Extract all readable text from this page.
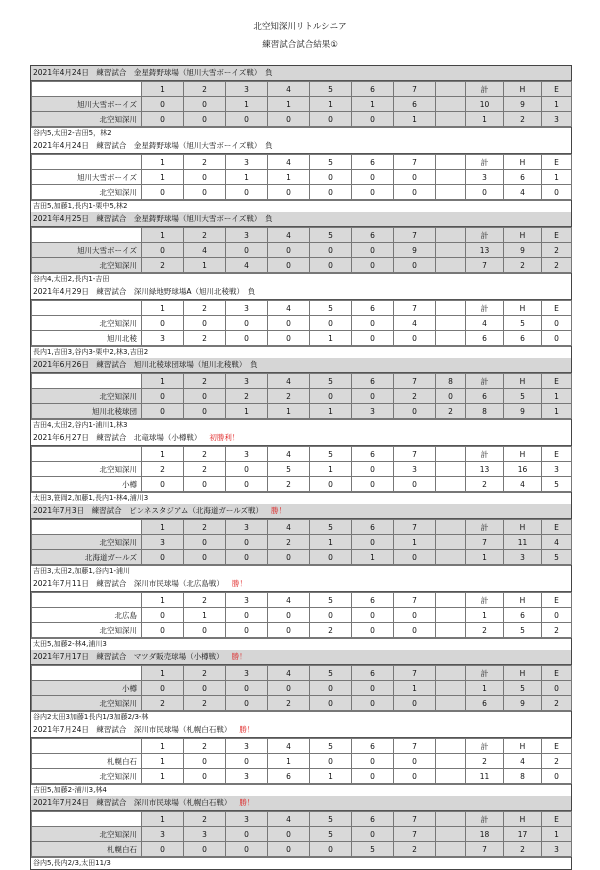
北空知深川リトルシニア
練習試合試合結果①
2021年4月24日　練習試合　金星鋳野球場（旭川大雪ボーイズ戦）　負
	1	2	3	4	5	6	7		計	H	E
旭川大雪ボーイズ	0	0	1	1	1	1	6		10	9	1
北空知深川	0	0	0	0	0	0	1		1	2	3
谷内5,太田2-吉田5，林2
2021年4月24日　練習試合　金星鋳野球場（旭川大雪ボーイズ戦）　負
	1	2	3	4	5	6	7		計	H	E
旭川大雪ボーイズ	1	0	1	1	0	0	0		3	6	1
北空知深川	0	0	0	0	0	0	0		0	4	0
吉田5,加藤1,長内1-栗中5,林2
2021年4月25日　練習試合　金星鋳野球場（旭川大雪ボーイズ戦）　負
	1	2	3	4	5	6	7		計	H	E
旭川大雪ボーイズ	0	4	0	0	0	0	9		13	9	2
北空知深川	2	1	4	0	0	0	0		7	2	2
谷内4,太田2,長内1-吉田
2021年4月29日　練習試合　深川緑地野球場A（旭川北稜戦）　負
	1	2	3	4	5	6	7		計	H	E
北空知深川	0	0	0	0	0	0	4		4	5	0
旭川北稜	3	2	0	0	1	0	0		6	6	0
長内1,吉田3,谷内3-栗中2,林3,吉田2
2021年6月26日　練習試合　旭川北稜球団球場（旭川北稜戦）　負
	1	2	3	4	5	6	7	8	計	H	E
北空知深川	0	0	2	2	0	0	2	0	6	5	1
旭川北稜球団	0	0	1	1	1	3	0	2	8	9	1
吉田4,太田2,谷内1-浦川1,林3
2021年6月27日　練習試合　北竜球場（小樽戦） 初勝利！
	1	2	3	4	5	6	7		計	H	E
北空知深川	2	2	0	5	1	0	3		13	16	3
小樽	0	0	0	2	0	0	0		2	4	5
太田3,笹岡2,加藤1,長内1-林4,浦川3
2021年7月3日　練習試合　ピンネスタジアム（北海道ガールズ戦） 勝！
	1	2	3	4	5	6	7		計	H	E
北空知深川	3	0	0	2	1	0	1		7	11	4
北海道ガールズ	0	0	0	0	0	1	0		1	3	5
吉田3,太田2,加藤1,谷内1-浦川
2021年7月11日　練習試合　深川市民球場（北広島戦） 勝！
	1	2	3	4	5	6	7		計	H	E
北広島	0	1	0	0	0	0	0		1	6	0
北空知深川	0	0	0	0	2	0	0		2	5	2
太田5,加藤2-林4,浦川3
2021年7月17日　練習試合　マツダ販売球場（小樽戦） 勝！
	1	2	3	4	5	6	7		計	H	E
小樽	0	0	0	0	0	0	1		1	5	0
北空知深川	2	2	0	2	0	0	0		6	9	2
谷内2太田3加藤1長内1/3加藤2/3-林
2021年7月24日　練習試合　深川市民球場（札幌白石戦） 勝！
	1	2	3	4	5	6	7		計	H	E
札幌白石	1	0	0	1	0	0	0		2	4	2
北空知深川	1	0	3	6	1	0	0		11	8	0
吉田5,加藤2-浦川3,林4
2021年7月24日　練習試合　深川市民球場（札幌白石戦） 勝！
	1	2	3	4	5	6	7		計	H	E
北空知深川	3	3	0	0	5	0	7		18	17	1
札幌白石	0	0	0	0	0	5	2		7	2	3
谷内5,長内2/3,太田11/3
